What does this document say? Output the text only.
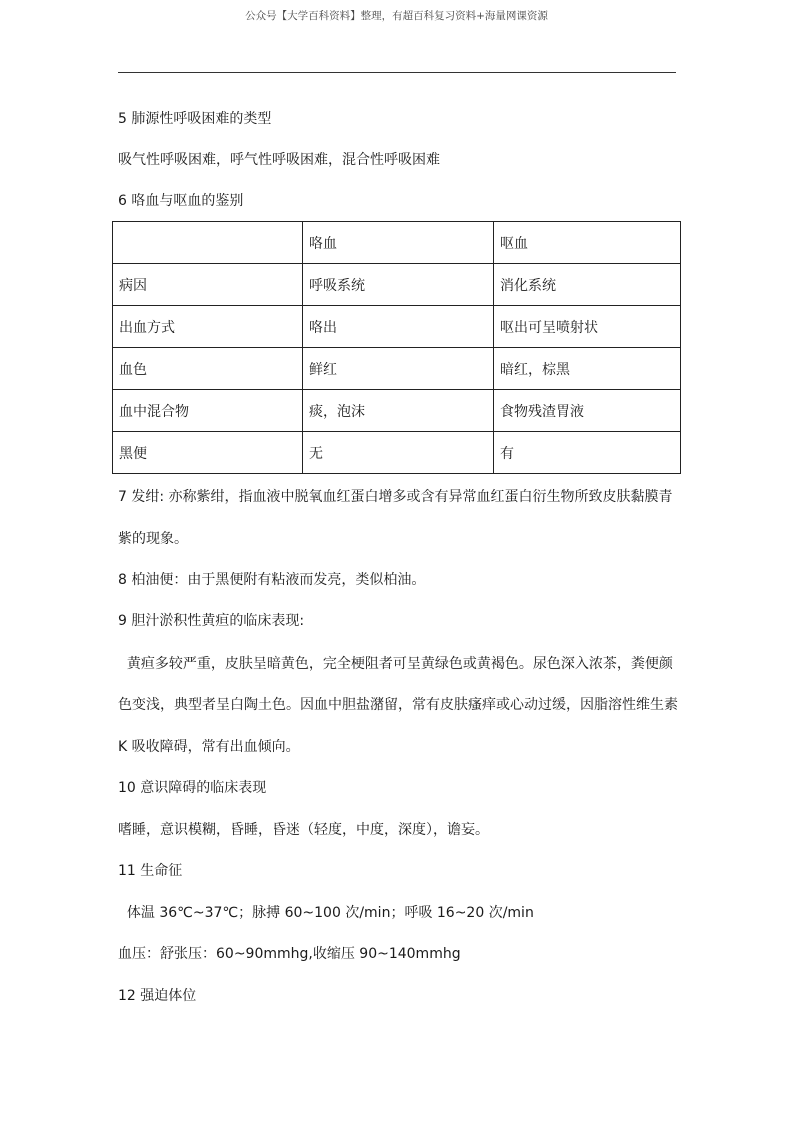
公众号【大学百科资料】整理，有超百科复习资料+海量网课资源
5 肺源性呼吸困难的类型
吸气性呼吸困难，呼气性呼吸困难，混合性呼吸困难
6 咯血与呕血的鉴别
	咯血	呕血
病因	呼吸系统	消化系统
出血方式	咯出	呕出可呈喷射状
血色	鲜红	暗红，棕黑
血中混合物	痰，泡沫	食物残渣胃液
黑便	无	有
7 发绀: 亦称紫绀，指血液中脱氧血红蛋白增多或含有异常血红蛋白衍生物所致皮肤黏膜青
紫的现象。
8 柏油便：由于黑便附有粘液而发亮，类似柏油。
9 胆汁淤积性黄疸的临床表现:
黄疸多较严重，皮肤呈暗黄色，完全梗阻者可呈黄绿色或黄褐色。尿色深入浓茶，粪便颜
色变浅，典型者呈白陶土色。因血中胆盐潴留，常有皮肤瘙痒或心动过缓，因脂溶性维生素
K 吸收障碍，常有出血倾向。
10 意识障碍的临床表现
嗜睡，意识模糊，昏睡，昏迷（轻度，中度，深度），谵妄。
11 生命征
体温 36℃~37℃；脉搏 60~100 次/min；呼吸 16~20 次/min
血压：舒张压：60~90mmhg,收缩压 90~140mmhg
12 强迫体位
